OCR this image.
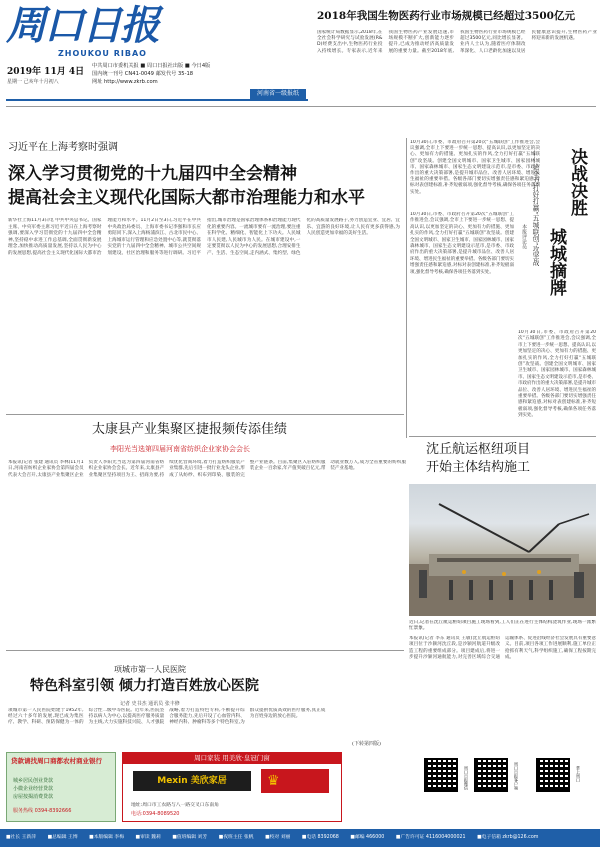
周口日报
ZHOUKOU RIBAO
2019年 11月 4日
星期一 己亥年十月初八
中共周口市委机关报 ■ 周口日报社出版 ■ 今日4版
国内统一刊号 CN41-0049 邮发代号 35-18
网址 http://www.zkrb.com
河南省一级报纸
2018年我国生物医药行业市场规模已经超过3500亿元
国家统计局数据显示,2018年,在全社会科学研究与试验发展(R&D)经费支出中,生物医药行业投入持续增长。专家表示,近年来我国生物医药产业发展迅速,市场规模不断扩大,创新能力逐步提升,已成为推动经济高质量发展的重要力量。截至2018年底,我国生物医药行业市场规模已经超过3500亿元,同比增长显著。业内人士认为,随着医疗体制改革深化、人口老龄化加速以及居民健康意识提升,生物医药产业将迎来新的发展机遇。
习近平在上海考察时强调
深入学习贯彻党的十九届四中全会精神
提高社会主义现代化国际大都市治理能力和水平
新华社上海11月3日电 中共中央总书记、国家主席、中央军委主席习近平近日在上海考察时强调,要深入学习贯彻党的十九届四中全会精神,坚持稳中求进工作总基调,全面贯彻新发展理念,加快推动高质量发展,坚持以人民为中心的发展思想,提高社会主义现代化国际大都市治理能力和水平。11月2日至3日,习近平在中共中央政治局委员、上海市委书记李强和市长应勇陪同下,深入上海杨浦滨江、古北市民中心、上海城市运行管理和应急处置中心等,就贯彻落实党的十九届四中全会精神、城市公共空间规划建设、社区治理和服务等进行调研。习近平指出,城市治理是国家治理体系和治理能力现代化的重要内容。一流城市要有一流治理,要注重在科学化、精细化、智能化上下功夫。人民城市人民建,人民城市为人民。在城市建设中,一定要贯彻以人民为中心的发展思想,合理安排生产、生活、生态空间,走内涵式、集约型、绿色化的高质量发展路子,努力创造宜业、宜居、宜乐、宜游的良好环境,让人民有更多获得感,为人民创造更加幸福的美好生活。
10月30日,市委、市政府召开第20次“五城联创”工作推进会,会议强调,全市上下要进一步统一思想、提高认识,以更加坚定的决心、更加有力的措施、更加扎实的作风,全力打好打赢“五城联创”攻坚战。创建全国文明城市、国家卫生城市、国家园林城市、国家森林城市、国家生态文明建设示范市,是市委、市政府作出的重大决策部署,是提升城市品位、改善人居环境、增进民生福祉的重要举措。各级各部门要切实增强责任感和紧迫感,对标对表创建标准,补齐短板弱项,强化督导考核,确保各项任务落到实处。	决战决胜
城城摘牌
——论全力打好打赢“五城联创”攻坚战
本报评论员
10月30日,市委、市政府召开第20次“五城联创”工作推进会,会议强调,全市上下要进一步统一思想、提高认识,以更加坚定的决心、更加有力的措施、更加扎实的作风,全力打好打赢“五城联创”攻坚战。创建全国文明城市、国家卫生城市、国家园林城市、国家森林城市、国家生态文明建设示范市,是市委、市政府作出的重大决策部署,是提升城市品位、改善人居环境、增进民生福祉的重要举措。各级各部门要切实增强责任感和紧迫感,对标对表创建标准,补齐短板弱项,强化督导考核,确保各项任务落到实处。
10月30日,市委、市政府召开第20次“五城联创”工作推进会,会议强调,全市上下要进一步统一思想、提高认识,以更加坚定的决心、更加有力的措施、更加扎实的作风,全力打好打赢“五城联创”攻坚战。创建全国文明城市、国家卫生城市、国家园林城市、国家森林城市、国家生态文明建设示范市,是市委、市政府作出的重大决策部署,是提升城市品位、改善人居环境、增进民生福祉的重要举措。各级各部门要切实增强责任感和紧迫感,对标对表创建标准,补齐短板弱项,强化督导考核,确保各项任务落到实处。
太康县产业集聚区捷报频传添佳绩
李阳光当选第四届河南省纺织企业家协会会长
本报讯(记者 张建 通讯员 李林)11月1日,河南省纺织企业家协会第四届会员代表大会召开,太康县产业集聚区企业负责人李阳光当选为第四届河南省纺织企业家协会会长。近年来,太康县产业集聚区坚持项目为王、招商为要,持续优化营商环境,着力打造纺织服装产业集群,先后引进一批行业龙头企业,形成了从纺纱、织布到印染、服装的完整产业链条。目前,集聚区入驻纺织服装企业一百余家,年产值突破百亿元,带动就业数万人,成为全省重要的纺织服装产业基地。
沈丘航运枢纽项目
开始主体结构施工
近日,记者在沈丘航运枢纽项目施工现场看到,工人们正在进行主体结构浇筑作业,现场一派繁忙景象。
本报讯(记者 李东 通讯员 王敏)沈丘航运枢纽项目位于沙颍河沈丘段,是沙颍河航道升级改造工程的重要组成部分。项目建成后,将进一步提升沙颍河通航能力,对完善区域综合交通运输体系、促进沿线经济社会发展具有重要意义。目前,项目各项工作进展顺利,施工单位正抢抓有利天气,科学组织施工,确保工程按期完成。
项城市第一人民医院
特色科室引领 倾力打造百姓放心医院
记者 史书杰 通讯员 张丰修
项城市第一人民医院始建于1952年,经过六十多年的发展,现已成为集医疗、教学、科研、预防保健为一体的综合性二级甲等医院。近年来,医院坚持以病人为中心,以提高医疗服务质量为主线,大力实施科技兴院、人才强院战略,着力打造特色专科,不断提升综合服务能力,先后开设了心血管内科、神经内科、肿瘤科等多个特色科室,为群众提供优质高效的医疗服务,真正成为百姓身边的放心医院。
(下转第四版)
贷款请找周口商都农村商业银行
城乡居民创业贷款
小微企业经营贷款
房屋按揭消费贷款
服务热线 0394-8392666
周口家装 用美欣·皇冠门窗
Mexin 美欣家居	♛
地址:周口市工农路与八一路交叉口东南角
电话:0394-8089520
周口日报微信	周口日报客户端	掌上周口
■社长 王新萍 ■总编辑 王博 ■本版编辑 李梅 ■审读 魏莉 ■值班编辑 刘芳 ■夜班主任 张帆 ■校对 刘丽 ■电话 8392068 ■邮编 466000 ■广告许可证 4116004000021 ■电子信箱 zkrb@126.com
